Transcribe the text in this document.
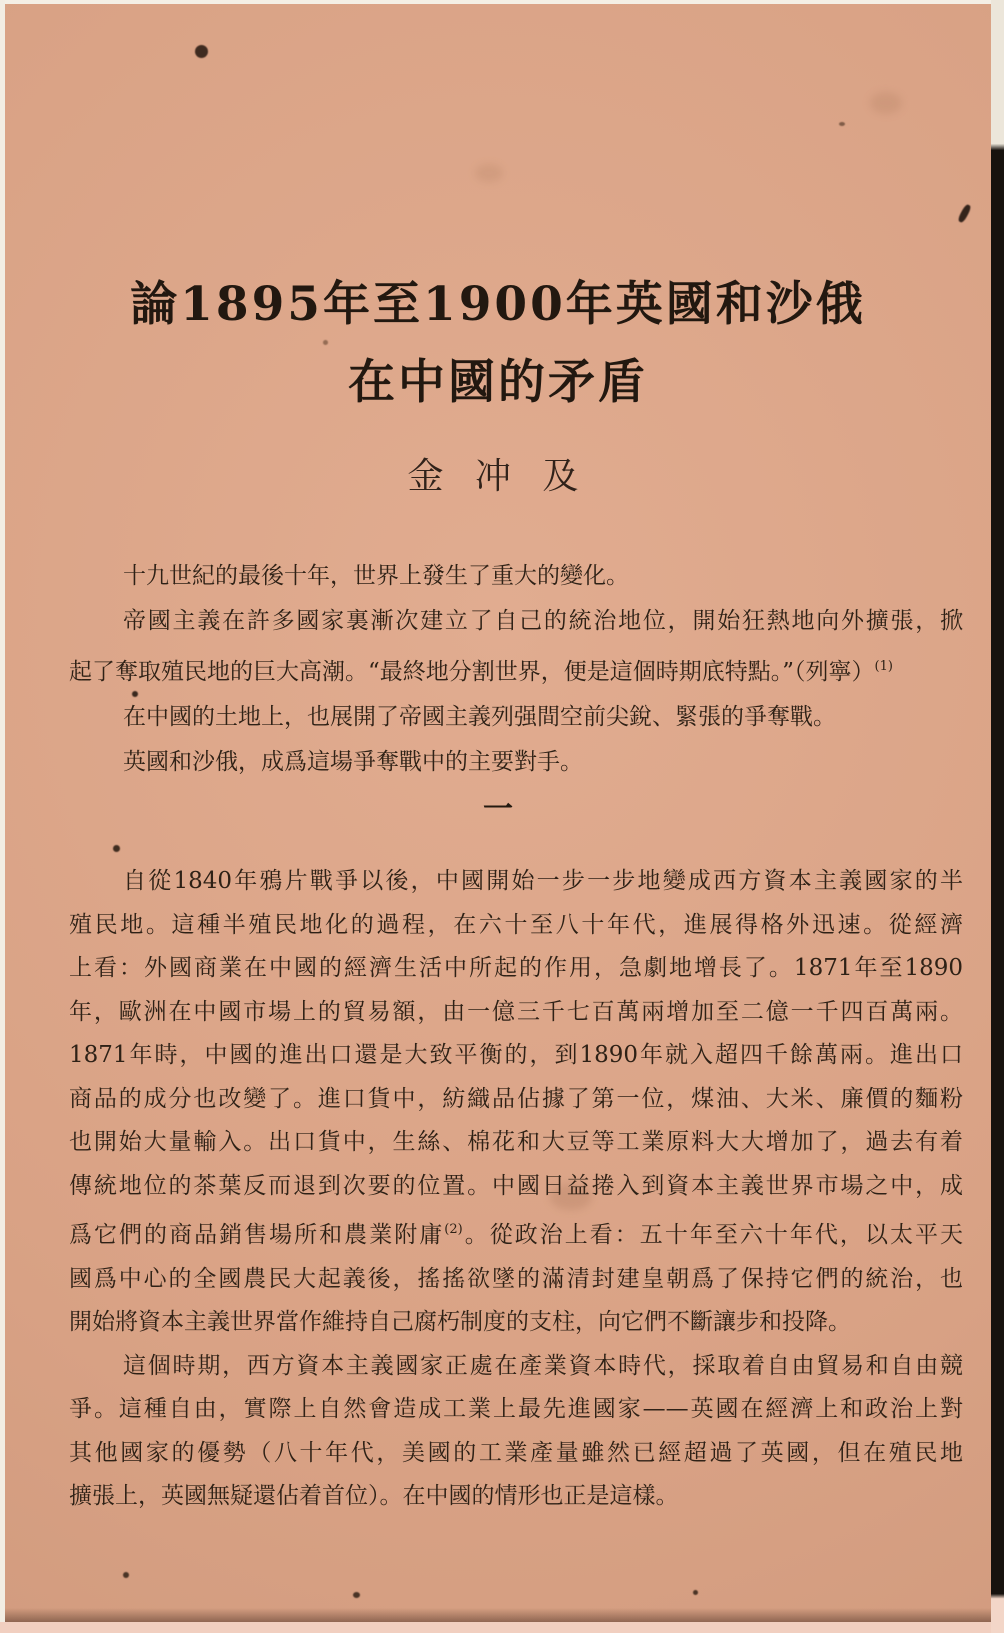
論1895年至1900年英國和沙俄
在中國的矛盾
金 冲 及
十九世紀的最後十年，世界上發生了重大的變化。
帝國主義在許多國家裏漸次建立了自己的統治地位，開始狂熱地向外擴張，掀
起了奪取殖民地的巨大高潮。“最終地分割世界，便是這個時期底特點。”（列寧）$^{(1)}$
在中國的土地上，也展開了帝國主義列强間空前尖銳、緊張的爭奪戰。
英國和沙俄，成爲這場爭奪戰中的主要對手。
一
自從1840年鴉片戰爭以後，中國開始一步一步地變成西方資本主義國家的半
殖民地。這種半殖民地化的過程，在六十至八十年代，進展得格外迅速。從經濟
上看：外國商業在中國的經濟生活中所起的作用，急劇地增長了。1871年至1890
年，歐洲在中國市場上的貿易額，由一億三千七百萬兩增加至二億一千四百萬兩。
1871年時，中國的進出口還是大致平衡的，到1890年就入超四千餘萬兩。進出口
商品的成分也改變了。進口貨中，紡織品佔據了第一位，煤油、大米、廉價的麵粉
也開始大量輸入。出口貨中，生絲、棉花和大豆等工業原料大大增加了，過去有着
傳統地位的茶葉反而退到次要的位置。中國日益捲入到資本主義世界市場之中，成
爲它們的商品銷售場所和農業附庸$^{(2)}$。從政治上看：五十年至六十年代，以太平天
國爲中心的全國農民大起義後，搖搖欲墜的滿清封建皇朝爲了保持它們的統治，也
開始將資本主義世界當作維持自己腐朽制度的支柱，向它們不斷讓步和投降。
這個時期，西方資本主義國家正處在產業資本時代，採取着自由貿易和自由競
爭。這種自由，實際上自然會造成工業上最先進國家——英國在經濟上和政治上對
其他國家的優勢（八十年代，美國的工業產量雖然已經超過了英國，但在殖民地
擴張上，英國無疑還佔着首位）。在中國的情形也正是這樣。
